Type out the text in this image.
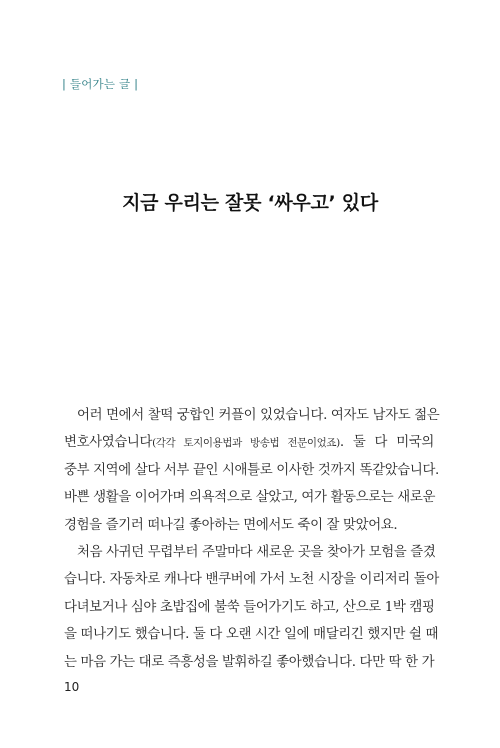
| 들어가는 글 |
지금 우리는 잘못 ‘싸우고’ 있다
어러 면에서 찰떡 궁합인 커플이 있었습니다. 여자도 남자도 젊은
변호사였습니다(각각 토지이용법과 방송법 전문이었죠). 둘 다 미국의
중부 지역에 살다 서부 끝인 시애틀로 이사한 것까지 똑같았습니다.
바쁜 생활을 이어가며 의욕적으로 살았고, 여가 활동으로는 새로운
경험을 즐기러 떠나길 좋아하는 면에서도 죽이 잘 맞았어요.
처음 사귀던 무렵부터 주말마다 새로운 곳을 찾아가 모험을 즐겼
습니다. 자동차로 캐나다 밴쿠버에 가서 노천 시장을 이리저리 돌아
다녀보거나 심야 초밥집에 불쑥 들어가기도 하고, 산으로 1박 캠핑
을 떠나기도 했습니다. 둘 다 오랜 시간 일에 매달리긴 했지만 쉴 때
는 마음 가는 대로 즉흥성을 발휘하길 좋아했습니다. 다만 딱 한 가
10
